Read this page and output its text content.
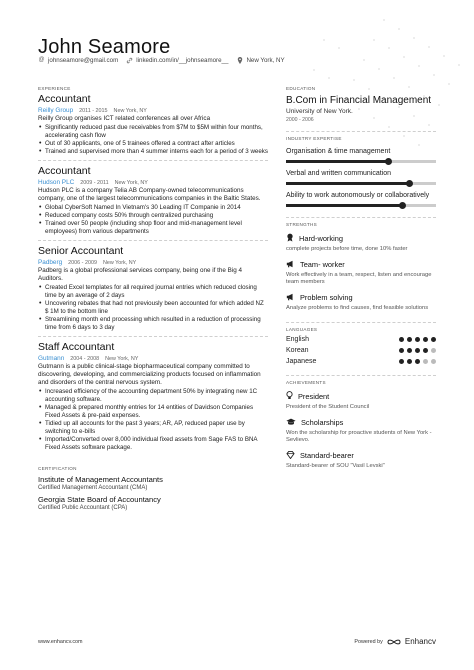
John Seamore
@ johnseamore@gmail.com	linkedin.com/in/__johnseamore__	New York, NY
EXPERIENCE
Accountant
Reilly Group 2011 - 2015 New York, NY
Reilly Group organises ICT related conferences all over Africa
• Significantly reduced past due receivables from $7M to $5M within four months, accelerating cash flow
• Out of 30 applicants, one of 5 trainees offered a contract after articles
• Trained and supervised more than 4 summer interns each for a period of 3 weeks
Accountant
Hudson PLC 2009 - 2011 New York, NY
Hudson PLC is a company Telia AB Company-owned telecommunications company, one of the largest telecommunications companies in the Baltic States.
• Global CyberSoft Named In Vietnam's 30 Leading IT Companie in 2014
• Reduced company costs 50% through centralized purchasing
• Trained over 50 people (including shop floor and mid-management level employees) from various departments
Senior Accountant
Padberg 2006 - 2009 New York, NY
Padberg is a global professional services company, being one if the Big 4 Auditors.
• Created Excel templates for all required journal entries which reduced closing time by an average of 2 days
• Uncovering rebates that had not previously been accounted for which added NZ $ 1M to the bottom line
• Streamlining month end processing which resulted in a reduction of processing time from 6 days to 3 day
Staff Accountant
Gutmann 2004 - 2008 New York, NY
Gutmann is a public clinical-stage biopharmaceutical company committed to discovering, developing, and commercializing products focused on inflammation and disorders of the central nervous system.
• Increased efficiency of the accounting department 50% by integrating new 1C accounting software.
• Managed & prepared monthly entries for 14 entities of Davidson Companies Fixed Assets & pre-paid expenses.
• Tidied up all accounts for the past 3 years; AR, AP, reduced paper use by switching to e-bills
• Imported/Converted over 8,000 individual fixed assets from Sage FAS to BNA Fixed Assets software package.
CERTIFICATION
Institute of Management Accountants
Certified Management Accountant (CMA)
Georgia State Board of Accountancy
Certified Public Accountant (CPA)
EDUCATION
B.Com in Financial Management
University of New York.
2000 - 2006
INDUSTRY EXPERTISE
Organisation & time management
Verbal and written communication
Ability to work autonomously or collaboratively
STRENGTHS
Hard-working
complete projects before time, done 10% faster
Team- worker
Work effectively in a team, respect, listen and encourage team members
Problem solving
Analyze problems to find causes, find feasible solutions
LANGUAGES
English
Korean
Japanese
ACHIEVEMENTS
President
President of the Student Council
Scholarships
Won the scholarship for proactive students of New York - Sevlievo.
Standard-bearer
Standard-bearer of SOU "Vasil Levski"
www.enhancv.com	Powered by	Enhancv
